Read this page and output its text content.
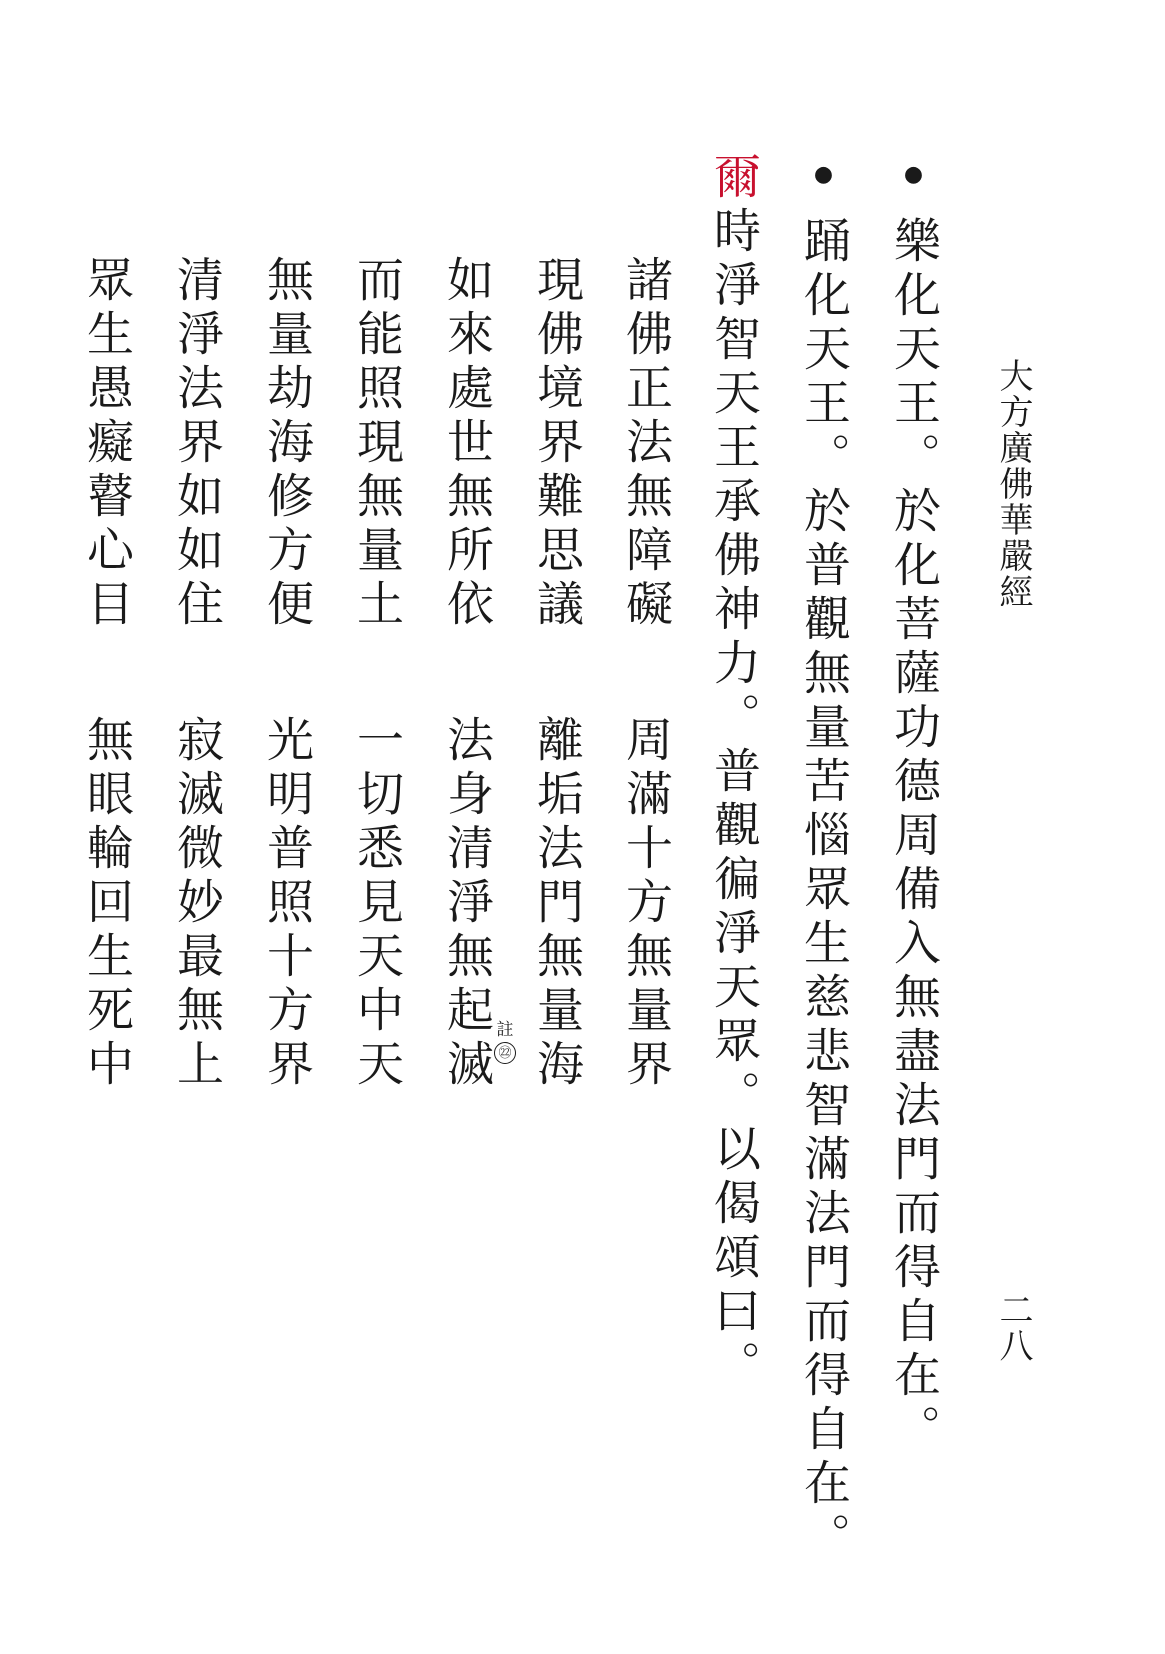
大方廣佛華嚴經
二八
●樂化天王。於化菩薩功德周備入無盡法門而得自在。
●踊化天王。於普觀無量苦惱眾生慈悲智滿法門而得自在。
爾時淨智天王承佛神力。普觀徧淨天眾。以偈頌曰。
諸佛正法無障礙
現佛境界難思議
如來處世無所依
而能照現無量土
無量劫海修方便
清淨法界如如住
眾生愚癡瞽心目
周滿十方無量界
離垢法門無量海
法身清淨無起滅
一切悉見天中天
光明普照十方界
寂滅微妙最無上
無眼輪回生死中	註
㉒
